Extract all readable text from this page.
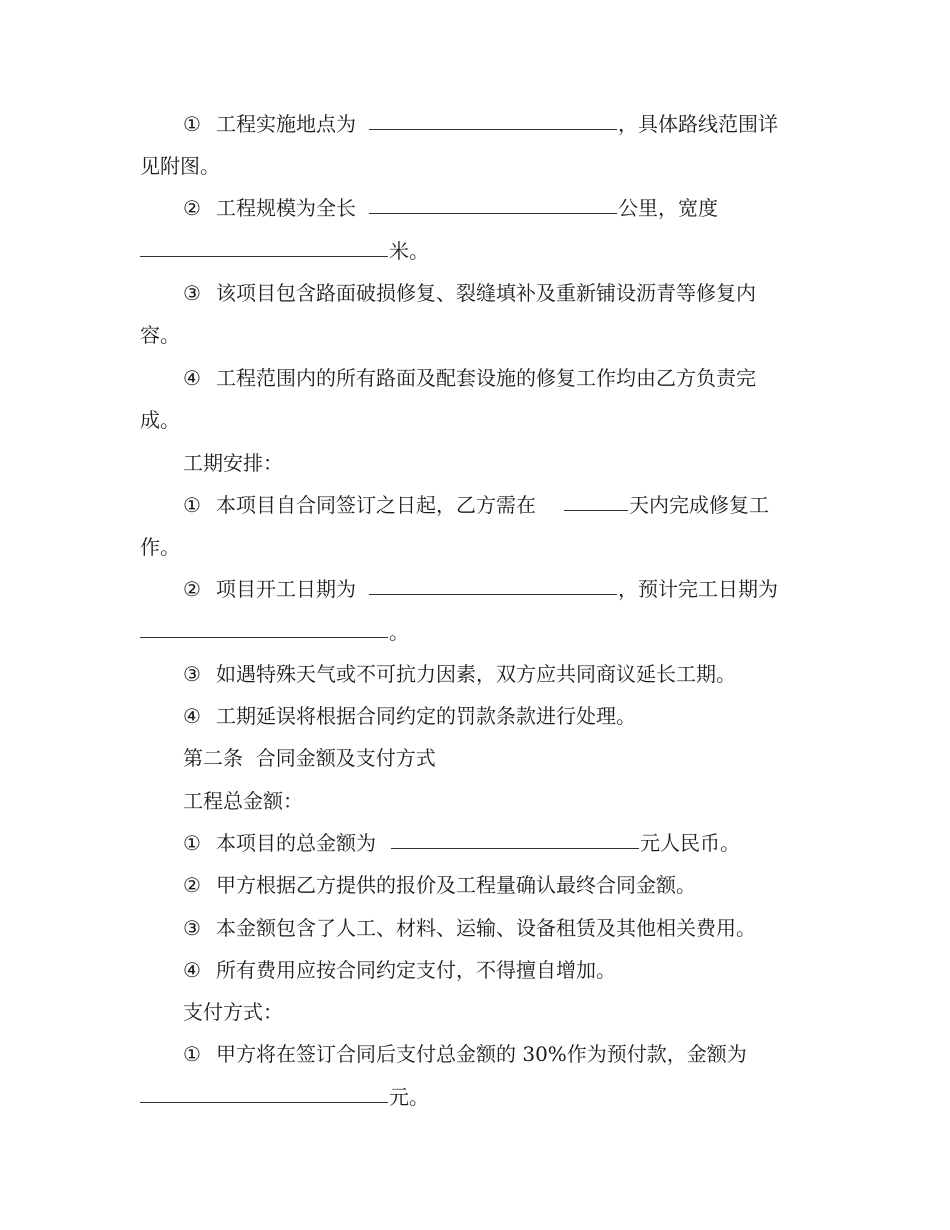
① 工程实施地点为	，具体路线范围详
见附图。
② 工程规模为全长	公里，宽度
米。
③ 该项目包含路面破损修复、裂缝填补及重新铺设沥青等修复内
容。
④ 工程范围内的所有路面及配套设施的修复工作均由乙方负责完
成。
工期安排：
① 本项目自合同签订之日起，乙方需在	天内完成修复工
作。
② 项目开工日期为	，预计完工日期为
。
③ 如遇特殊天气或不可抗力因素，双方应共同商议延长工期。
④ 工期延误将根据合同约定的罚款条款进行处理。
第二条  合同金额及支付方式
工程总金额：
① 本项目的总金额为	元人民币。
② 甲方根据乙方提供的报价及工程量确认最终合同金额。
③ 本金额包含了人工、材料、运输、设备租赁及其他相关费用。
④ 所有费用应按合同约定支付，不得擅自增加。
支付方式：
① 甲方将在签订合同后支付总金额的 30%作为预付款，金额为
元。
